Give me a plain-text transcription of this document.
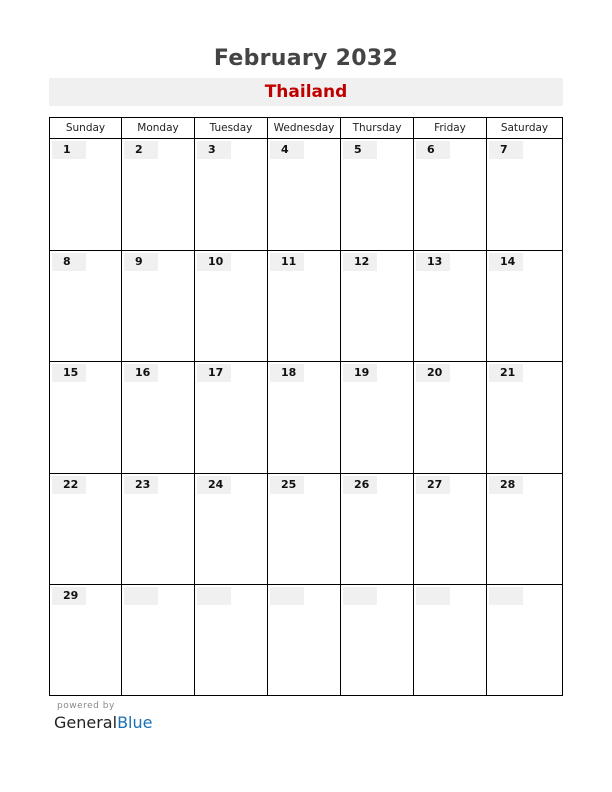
February 2032
Thailand
Sunday	Monday	Tuesday	Wednesday	Thursday	Friday	Saturday
1	2	3	4	5	6	7
8	9	10	11	12	13	14
15	16	17	18	19	20	21
22	23	24	25	26	27	28
29
powered by
GeneralBlue
